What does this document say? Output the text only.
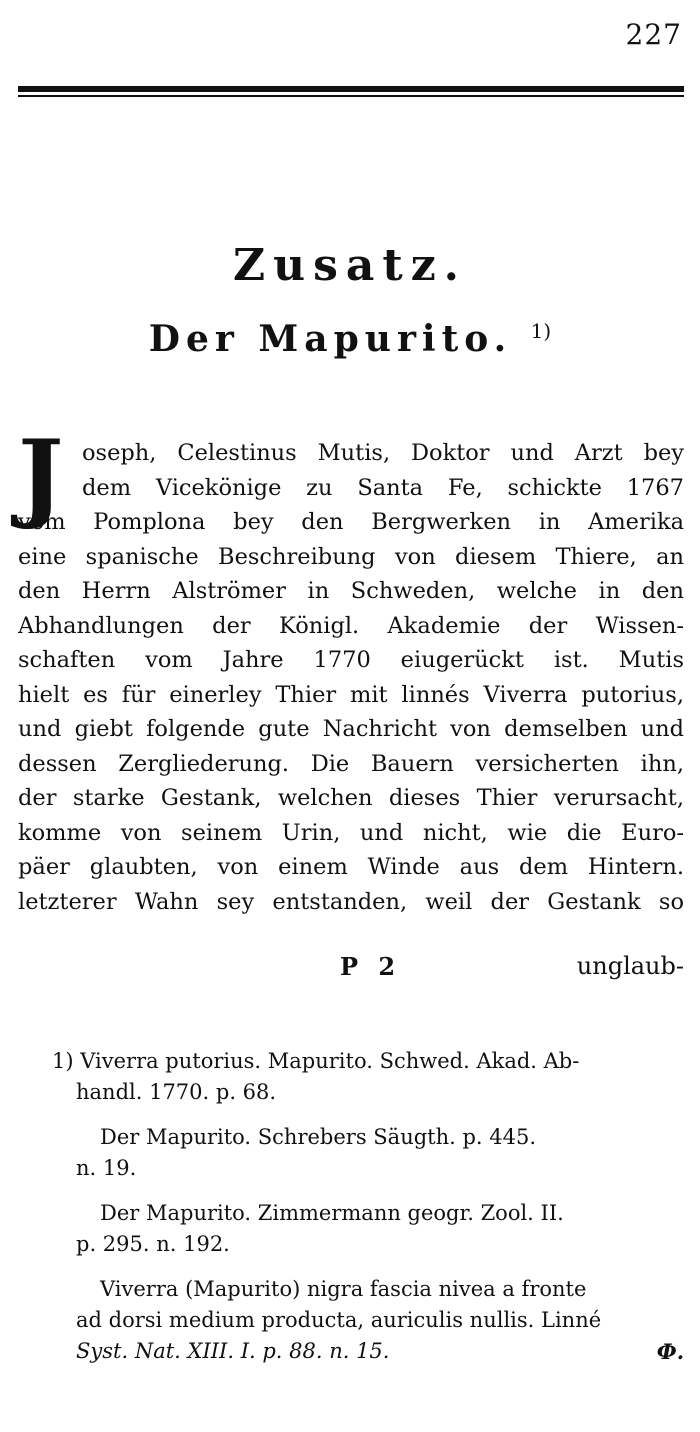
227
Zusatz.
Der Mapurito. $^{1)}$
J oseph, Celestinus Mutis, Doktor und Arzt bey
dem Vicekönige zu Santa Fe, schickte 1767
vom Pomplona bey den Bergwerken in Amerika
eine spanische Beschreibung von diesem Thiere, an
den Herrn Alströmer in Schweden, welche in den
Abhandlungen der Königl. Akademie der Wissen-
schaften vom Jahre 1770 eiugerückt ist. Mutis
hielt es für einerley Thier mit linnés Viverra putorius,
und giebt folgende gute Nachricht von demselben und
dessen Zergliederung. Die Bauern versicherten ihn,
der starke Gestank, welchen dieses Thier verursacht,
komme von seinem Urin, und nicht, wie die Euro-
päer glaubten, von einem Winde aus dem Hintern.
letzterer Wahn sey entstanden, weil der Gestank so
P 2	unglaub-
1) Viverra putorius. Mapurito. Schwed. Akad. Ab-
handl. 1770. p. 68.
Der Mapurito. Schrebers Säugth. p. 445.
n. 19.
Der Mapurito. Zimmermann geogr. Zool. II.
p. 295. n. 192.
Viverra (Mapurito) nigra fascia nivea a fronte
ad dorsi medium producta, auriculis nullis. Linné
Syst. Nat. XIII. I. p. 88. n. 15.	Ф.
